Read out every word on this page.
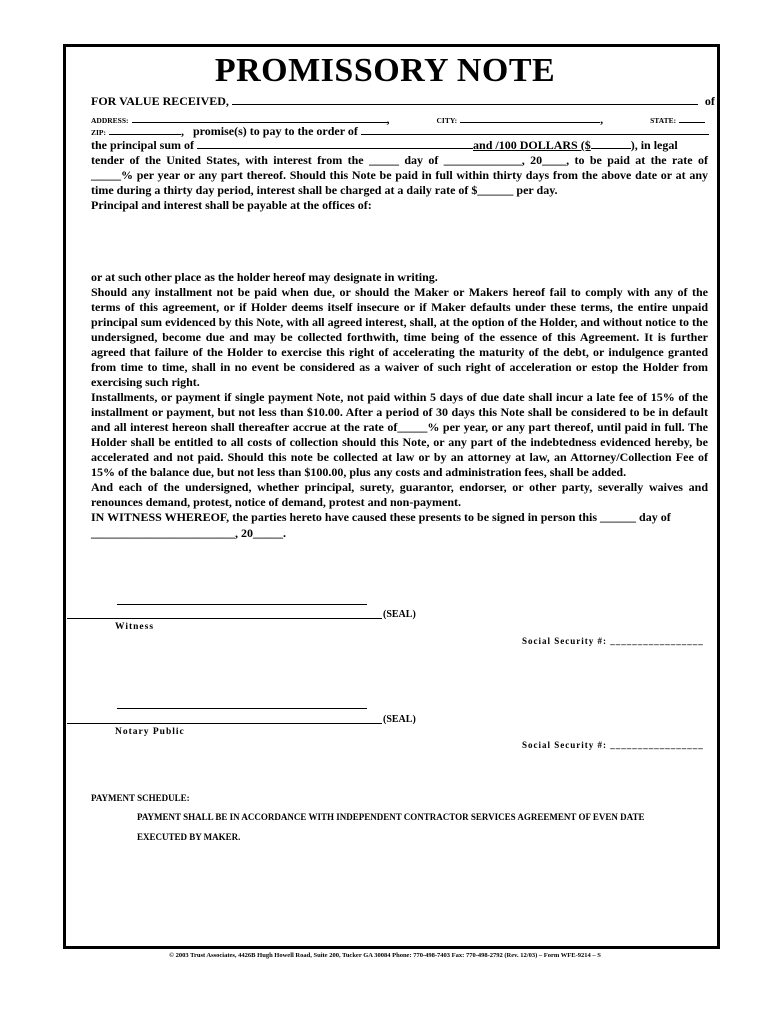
PROMISSORY NOTE
FOR VALUE RECEIVED,	of
ADDRESS:	,	CITY:	,	STATE:
ZIP:	, promise(s) to pay to the order of
the principal sum of	and /100 DOLLARS ($	), in legal
tender of the United States, with interest from the _____ day of _____________, 20____, to be paid at the rate of
_____% per year or any part thereof. Should this Note be paid in full within thirty days from the above date or at any
time during a thirty day period, interest shall be charged at a daily rate of $______ per day.
Principal and interest shall be payable at the offices of:
or at such other place as the holder hereof may designate in writing.
Should any installment not be paid when due, or should the Maker or Makers hereof fail to comply with any of the terms of this agreement, or if Holder deems itself insecure or if Maker defaults under these terms, the entire unpaid principal sum evidenced by this Note, with all agreed interest, shall, at the option of the Holder, and without notice to the undersigned, become due and may be collected forthwith, time being of the essence of this Agreement. It is further agreed that failure of the Holder to exercise this right of accelerating the maturity of the debt, or indulgence granted from time to time, shall in no event be considered as a waiver of such right of acceleration or estop the Holder from exercising such right.
Installments, or payment if single payment Note, not paid within 5 days of due date shall incur a late fee of 15% of the installment or payment, but not less than $10.00. After a period of 30 days this Note shall be considered to be in default and all interest hereon shall thereafter accrue at the rate of_____% per year, or any part thereof, until paid in full. The Holder shall be entitled to all costs of collection should this Note, or any part of the indebtedness evidenced hereby, be accelerated and not paid. Should this note be collected at law or by an attorney at law, an Attorney/Collection Fee of 15% of the balance due, but not less than $100.00, plus any costs and administration fees, shall be added.
And each of the undersigned, whether principal, surety, guarantor, endorser, or other party, severally waives and renounces demand, protest, notice of demand, protest and non-payment.
IN WITNESS WHEREOF, the parties hereto have caused these presents to be signed in person this ______ day of
________________________, 20_____.
(SEAL)
Witness
Social Security #: _________________
(SEAL)
Notary Public
Social Security #: _________________
PAYMENT SCHEDULE:
PAYMENT SHALL BE IN ACCORDANCE WITH INDEPENDENT CONTRACTOR SERVICES AGREEMENT OF EVEN DATE
EXECUTED BY MAKER.
© 2003 Trust Associates, 4426B Hugh Howell Road, Suite 200, Tucker GA 30084 Phone: 770-498-7403 Fax: 770-498-2792 (Rev. 12/03) – Form WFE-9214 – S
